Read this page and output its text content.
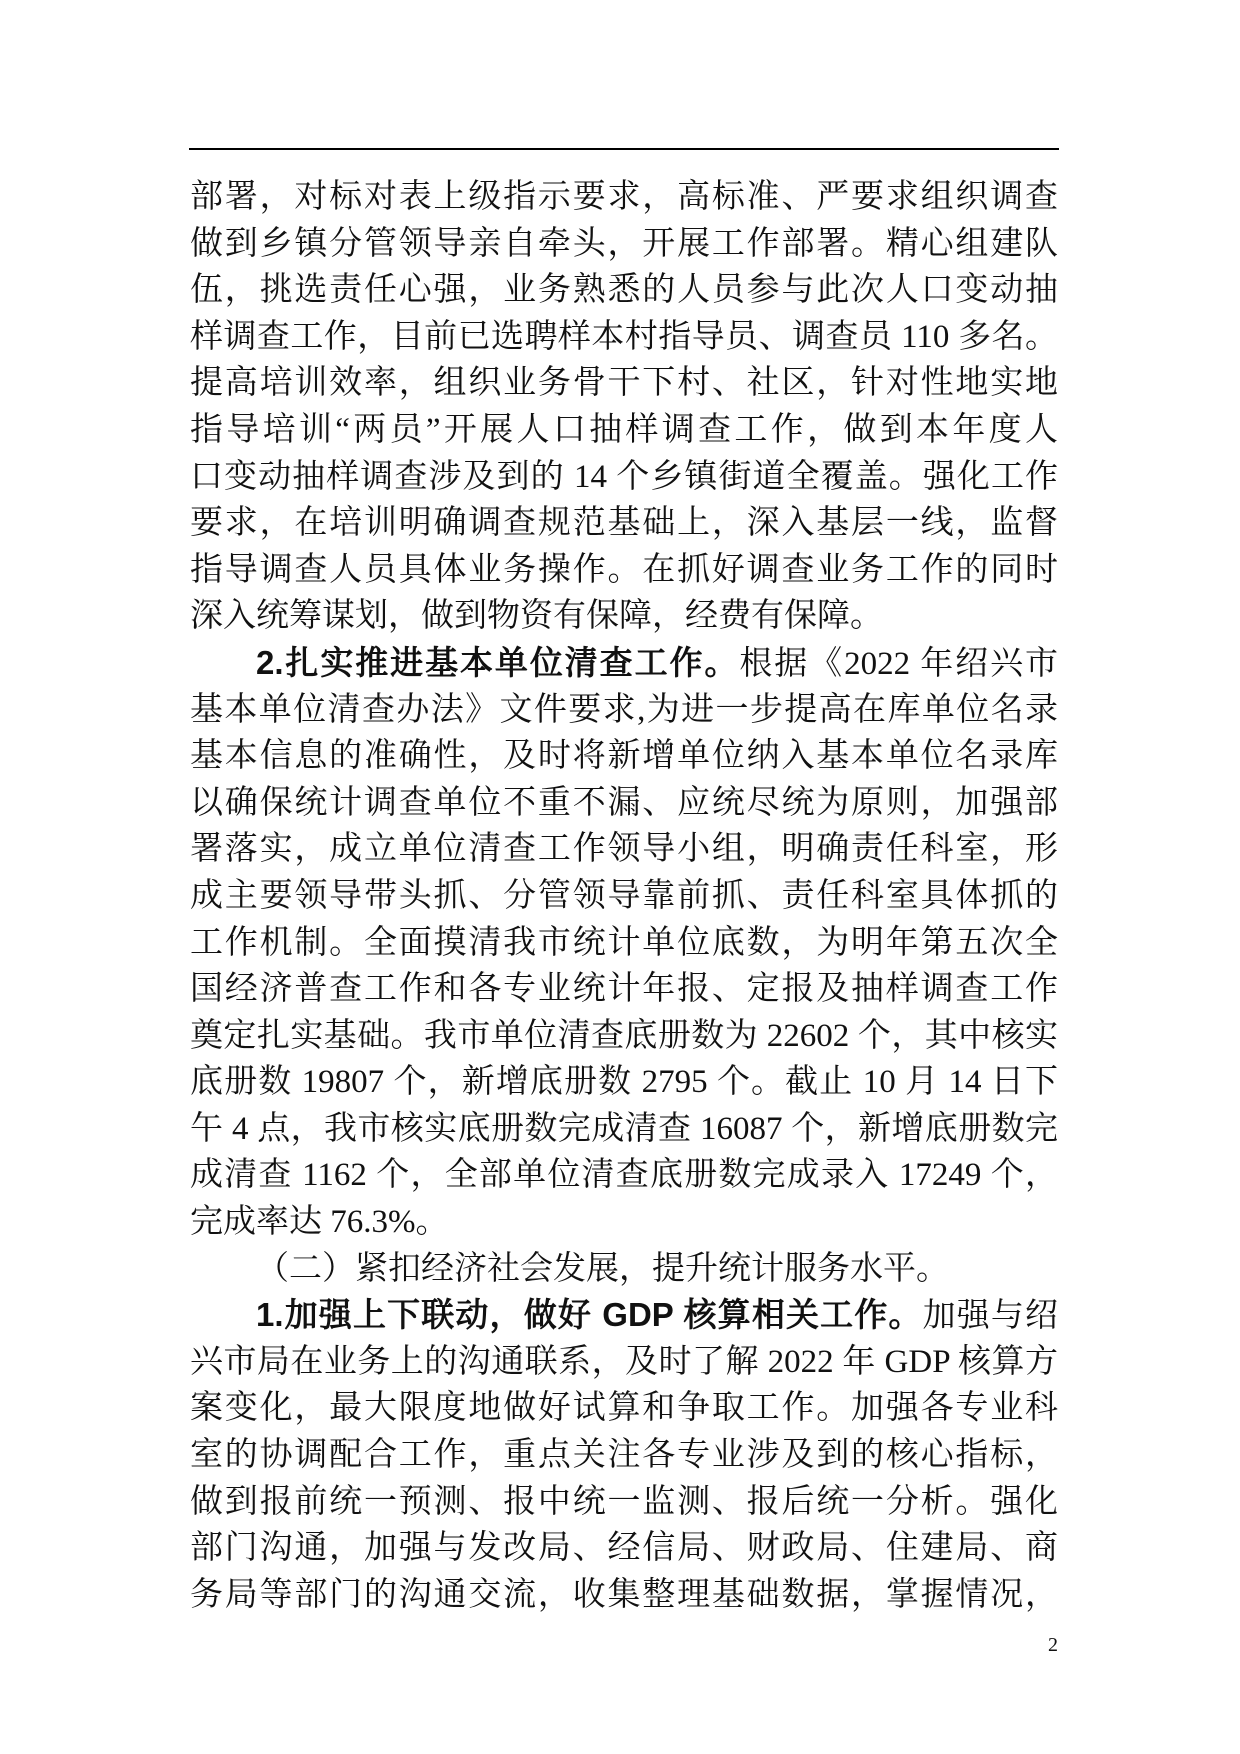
部署，对标对表上级指示要求，高标准、严要求组织调查
做到乡镇分管领导亲自牵头，开展工作部署。精心组建队
伍，挑选责任心强，业务熟悉的人员参与此次人口变动抽
样调查工作，目前已选聘样本村指导员、调查员 110 多名。
提高培训效率，组织业务骨干下村、社区，针对性地实地
指导培训“两员”开展人口抽样调查工作，做到本年度人
口变动抽样调查涉及到的 14 个乡镇街道全覆盖。强化工作
要求，在培训明确调查规范基础上，深入基层一线，监督
指导调查人员具体业务操作。在抓好调查业务工作的同时
深入统筹谋划，做到物资有保障，经费有保障。
2.扎实推进基本单位清查工作。根据《2022 年绍兴市
基本单位清查办法》文件要求,为进一步提高在库单位名录
基本信息的准确性，及时将新增单位纳入基本单位名录库
以确保统计调查单位不重不漏、应统尽统为原则，加强部
署落实，成立单位清查工作领导小组，明确责任科室，形
成主要领导带头抓、分管领导靠前抓、责任科室具体抓的
工作机制。全面摸清我市统计单位底数，为明年第五次全
国经济普查工作和各专业统计年报、定报及抽样调查工作
奠定扎实基础。我市单位清查底册数为 22602 个，其中核实
底册数 19807 个，新增底册数 2795 个。截止 10 月 14 日下
午 4 点，我市核实底册数完成清查 16087 个，新增底册数完
成清查 1162 个，全部单位清查底册数完成录入 17249 个，
完成率达 76.3%。
（二）紧扣经济社会发展，提升统计服务水平。
1.加强上下联动，做好 GDP 核算相关工作。加强与绍
兴市局在业务上的沟通联系，及时了解 2022 年 GDP 核算方
案变化，最大限度地做好试算和争取工作。加强各专业科
室的协调配合工作，重点关注各专业涉及到的核心指标，
做到报前统一预测、报中统一监测、报后统一分析。强化
部门沟通，加强与发改局、经信局、财政局、住建局、商
务局等部门的沟通交流，收集整理基础数据，掌握情况，
2
